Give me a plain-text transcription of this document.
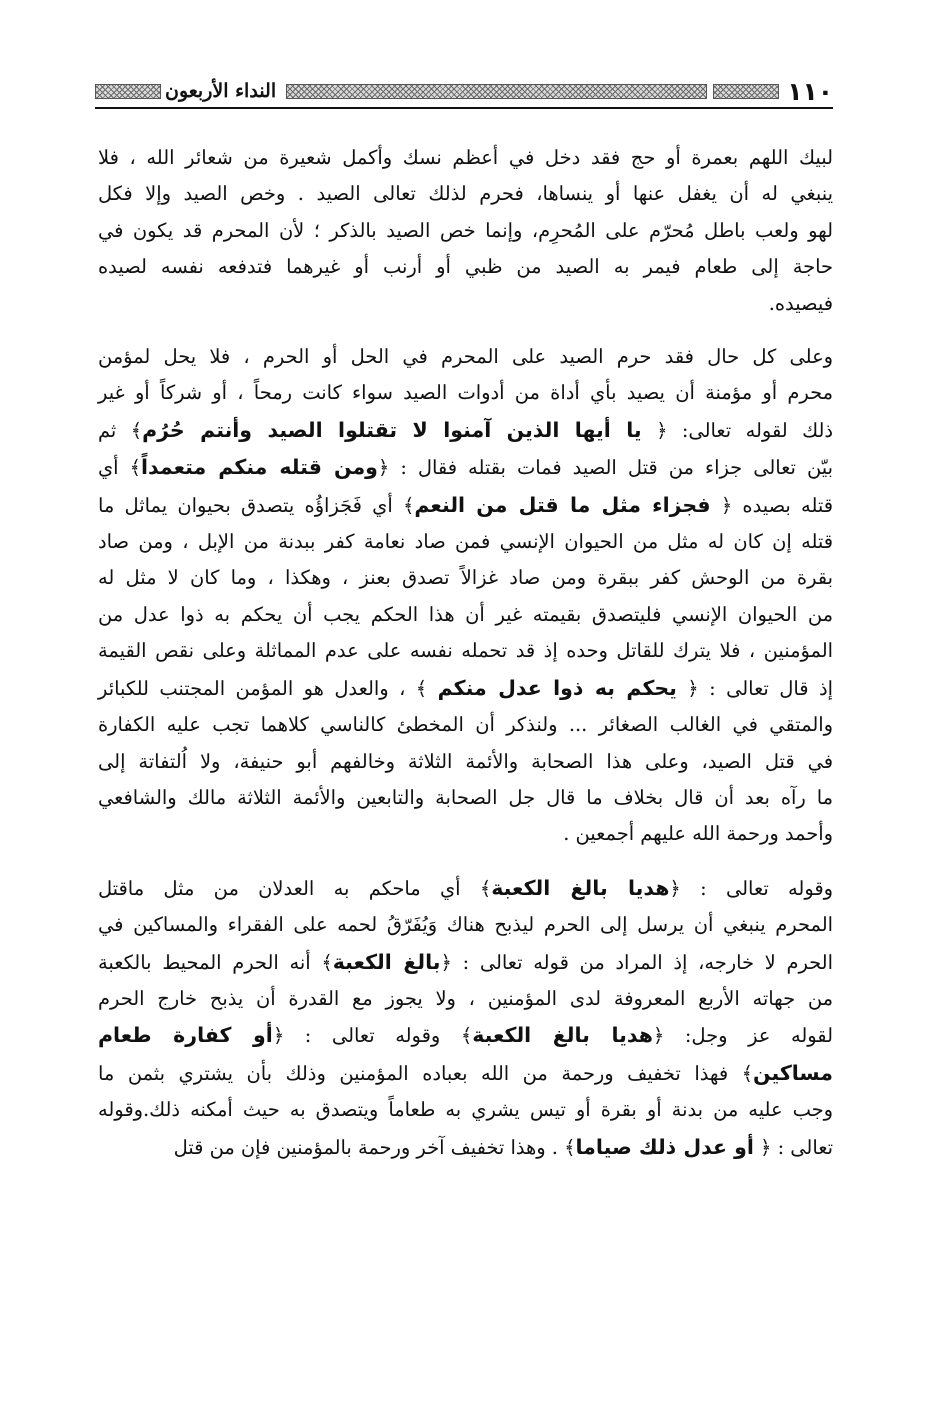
١١٠
النداء الأربعون
لبيك اللهم بعمرة أو حج فقد دخل في أعظم نسك وأكمل شعيرة من شعائر الله ، فلا
ينبغي له أن يغفل عنها أو ينساها، فحرم لذلك تعالى الصيد . وخص الصيد وإلا فكل
لهو ولعب باطل مُحرّم على المُحرِم، وإنما خص الصيد بالذكر ؛ لأن المحرم قد يكون في
حاجة إلى طعام فيمر به الصيد من ظبي أو أرنب أو غيرهما فتدفعه نفسه لصيده
فيصيده.
وعلى كل حال فقد حرم الصيد على المحرم في الحل أو الحرم ، فلا يحل لمؤمن
محرم أو مؤمنة أن يصيد بأي أداة من أدوات الصيد سواء كانت رمحاً ، أو شركاً أو غير
ذلك لقوله تعالى: ﴿ يا أيها الذين آمنوا لا تقتلوا الصيد وأنتم حُرُم﴾ ثم
بيّن تعالى جزاء من قتل الصيد فمات بقتله فقال : ﴿ومن قتله منكم متعمداً﴾ أي
قتله بصيده ﴿ فجزاء مثل ما قتل من النعم﴾ أي فَجَزاؤُه يتصدق بحيوان يماثل ما
قتله إن كان له مثل من الحيوان الإنسي فمن صاد نعامة كفر ببدنة من الإبل ، ومن صاد
بقرة من الوحش كفر ببقرة ومن صاد غزالاً تصدق بعنز ، وهكذا ، وما كان لا مثل له
من الحيوان الإنسي فليتصدق بقيمته غير أن هذا الحكم يجب أن يحكم به ذوا عدل من
المؤمنين ، فلا يترك للقاتل وحده إذ قد تحمله نفسه على عدم المماثلة وعلى نقص القيمة
إذ قال تعالى : ﴿ يحكم به ذوا عدل منكم ﴾ ، والعدل هو المؤمن المجتنب للكبائر
والمتقي في الغالب الصغائر ... ولنذكر أن المخطئ كالناسي كلاهما تجب عليه الكفارة
في قتل الصيد، وعلى هذا الصحابة والأئمة الثلاثة وخالفهم أبو حنيفة، ولا اُلتفاتة إلى
ما رآه بعد أن قال بخلاف ما قال جل الصحابة والتابعين والأئمة الثلاثة مالك والشافعي
وأحمد ورحمة الله عليهم أجمعين .
وقوله تعالى : ﴿هديا بالغ الكعبة﴾ أي ماحكم به العدلان من مثل ماقتل
المحرم ينبغي أن يرسل إلى الحرم ليذبح هناك وَيُفَرّقُ لحمه على الفقراء والمساكين في
الحرم لا خارجه، إذ المراد من قوله تعالى : ﴿بالغ الكعبة﴾ أنه الحرم المحيط بالكعبة
من جهاته الأربع المعروفة لدى المؤمنين ، ولا يجوز مع القدرة أن يذبح خارج الحرم
لقوله عز وجل: ﴿هديا بالغ الكعبة﴾ وقوله تعالى : ﴿أو كفارة طعام
مساكين﴾ فهذا تخفيف ورحمة من الله بعباده المؤمنين وذلك بأن يشتري بثمن ما
وجب عليه من بدنة أو بقرة أو تيس يشري به طعاماً ويتصدق به حيث أمكنه ذلك.وقوله
تعالى : ﴿ أو عدل ذلك صياما﴾ . وهذا تخفيف آخر ورحمة بالمؤمنين فإن من قتل
